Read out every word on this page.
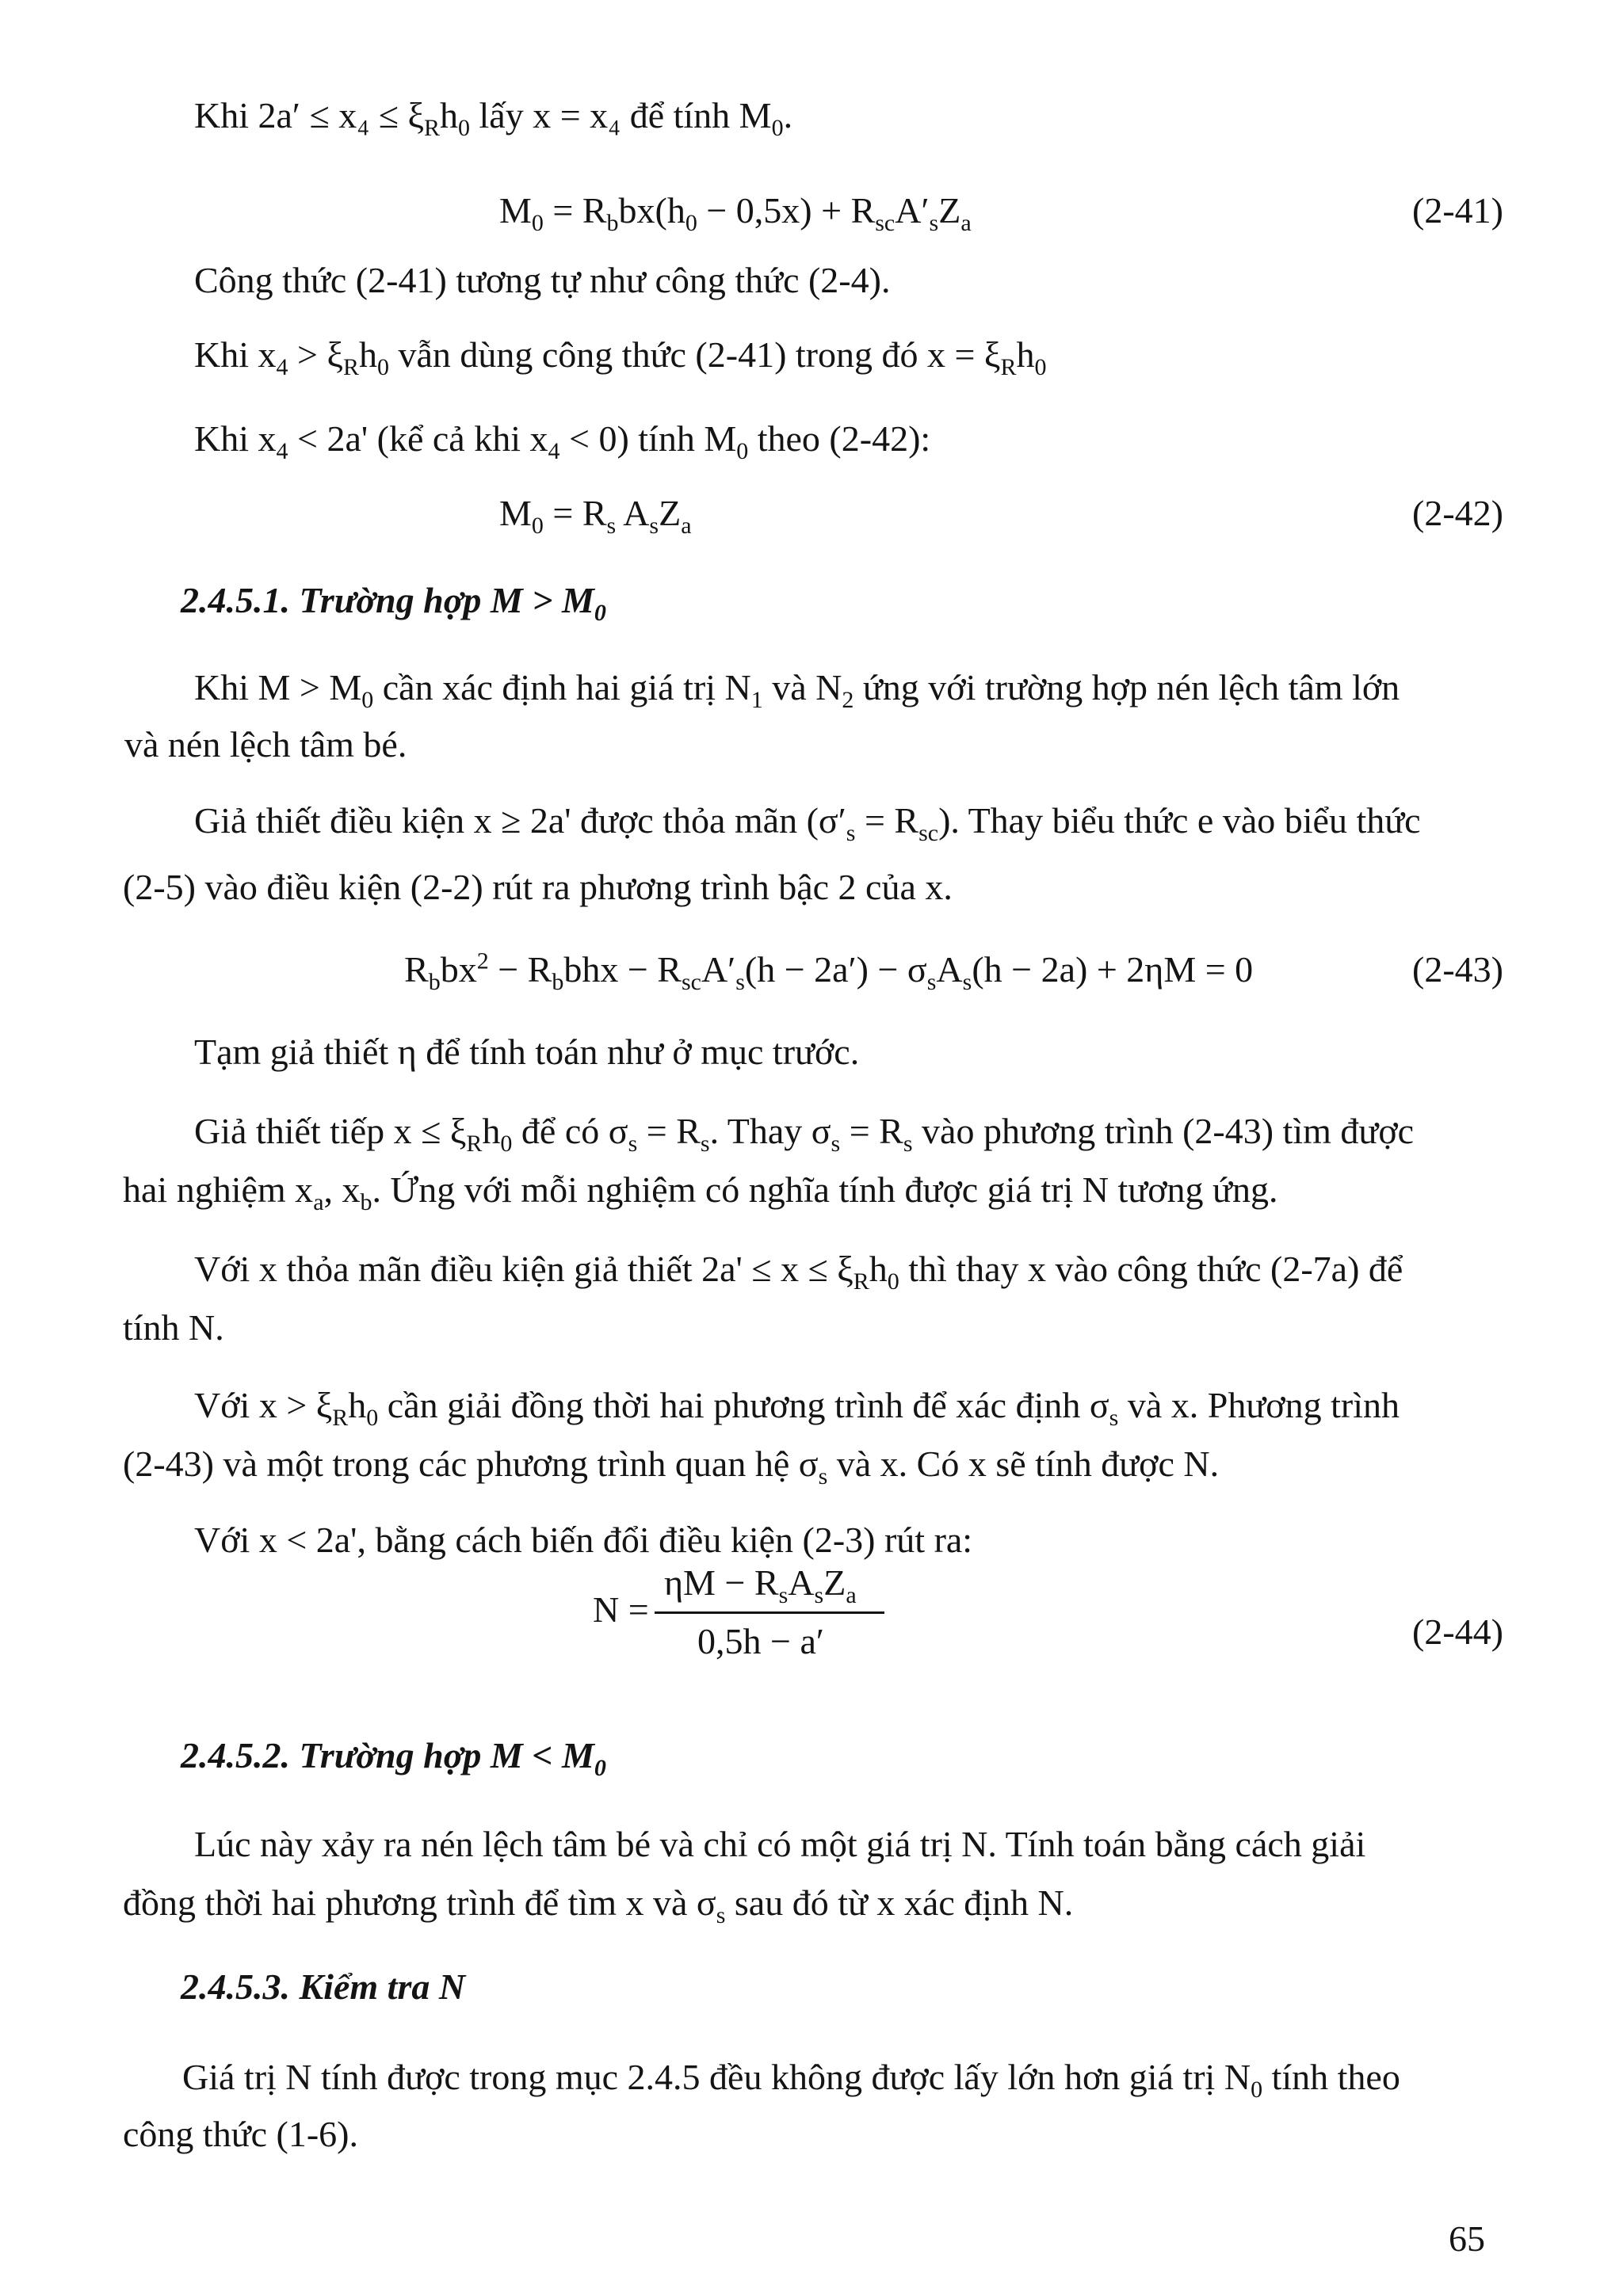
Khi $2a' \le x_4 \le \xi_Rh_0$ lấy x = x₄ để tính $M_0$.
$M_0 = R_bbx(h_0 - 0,5x) + R_{sc}A'_sZ_a$	(2-41)
Công thức (2-41) tương tự như công thức (2-4).
Khi $x_4 > \xi_Rh_0$ vẫn dùng công thức (2-41) trong đó $x = \xi_Rh_0$
Khi $x_4 < 2a'$ (kể cả khi $x_4 < 0$) tính $M_0$ theo (2-42):
$M_0 = R_s$ $A_sZ_a$	(2-42)
2.4.5.1. Trường hợp $M > M_0$
Khi $M > M_0$ cần xác định hai giá trị $N_1$ và $N_2$ ứng với trường hợp nén lệch tâm lớn
và nén lệch tâm bé.
Giả thiết điều kiện x ≥ 2a' được thỏa mãn $(\sigma'_s = R_{sc})$. Thay biểu thức e vào biểu thức
(2-5) vào điều kiện (2-2) rút ra phương trình bậc 2 của x.
$R_bbx^2 - R_bbhx - R_{sc}A'_s(h - 2a') - \sigma_sA_s(h - 2a) + 2\eta M = 0$	(2-43)
Tạm giả thiết η để tính toán như ở mục trước.
Giả thiết tiếp $x \le \xi_Rh_0$ để có $\sigma_s = R_s$. Thay $\sigma_s = R_s$ vào phương trình (2-43) tìm được
hai nghiệm $x_a$, $x_b$. Ứng với mỗi nghiệm có nghĩa tính được giá trị N tương ứng.
Với x thỏa mãn điều kiện giả thiết $2a' \le x \le \xi_Rh_0$ thì thay x vào công thức (2-7a) để
tính N.
Với $x > \xi_Rh_0$ cần giải đồng thời hai phương trình để xác định $\sigma_s$ và x. Phương trình
(2-43) và một trong các phương trình quan hệ $\sigma_s$ và x. Có x sẽ tính được N.
Với x < 2a', bằng cách biến đổi điều kiện (2-3) rút ra:
N =
$\eta M - R_sA_sZ_a$
0,5h − a′	(2-44)
2.4.5.2. Trường hợp $M < M_0$
Lúc này xảy ra nén lệch tâm bé và chỉ có một giá trị N. Tính toán bằng cách giải
đồng thời hai phương trình để tìm x và $\sigma_s$ sau đó từ x xác định N.
2.4.5.3. Kiểm tra N
Giá trị N tính được trong mục 2.4.5 đều không được lấy lớn hơn giá trị $N_0$ tính theo
công thức (1-6).
65
